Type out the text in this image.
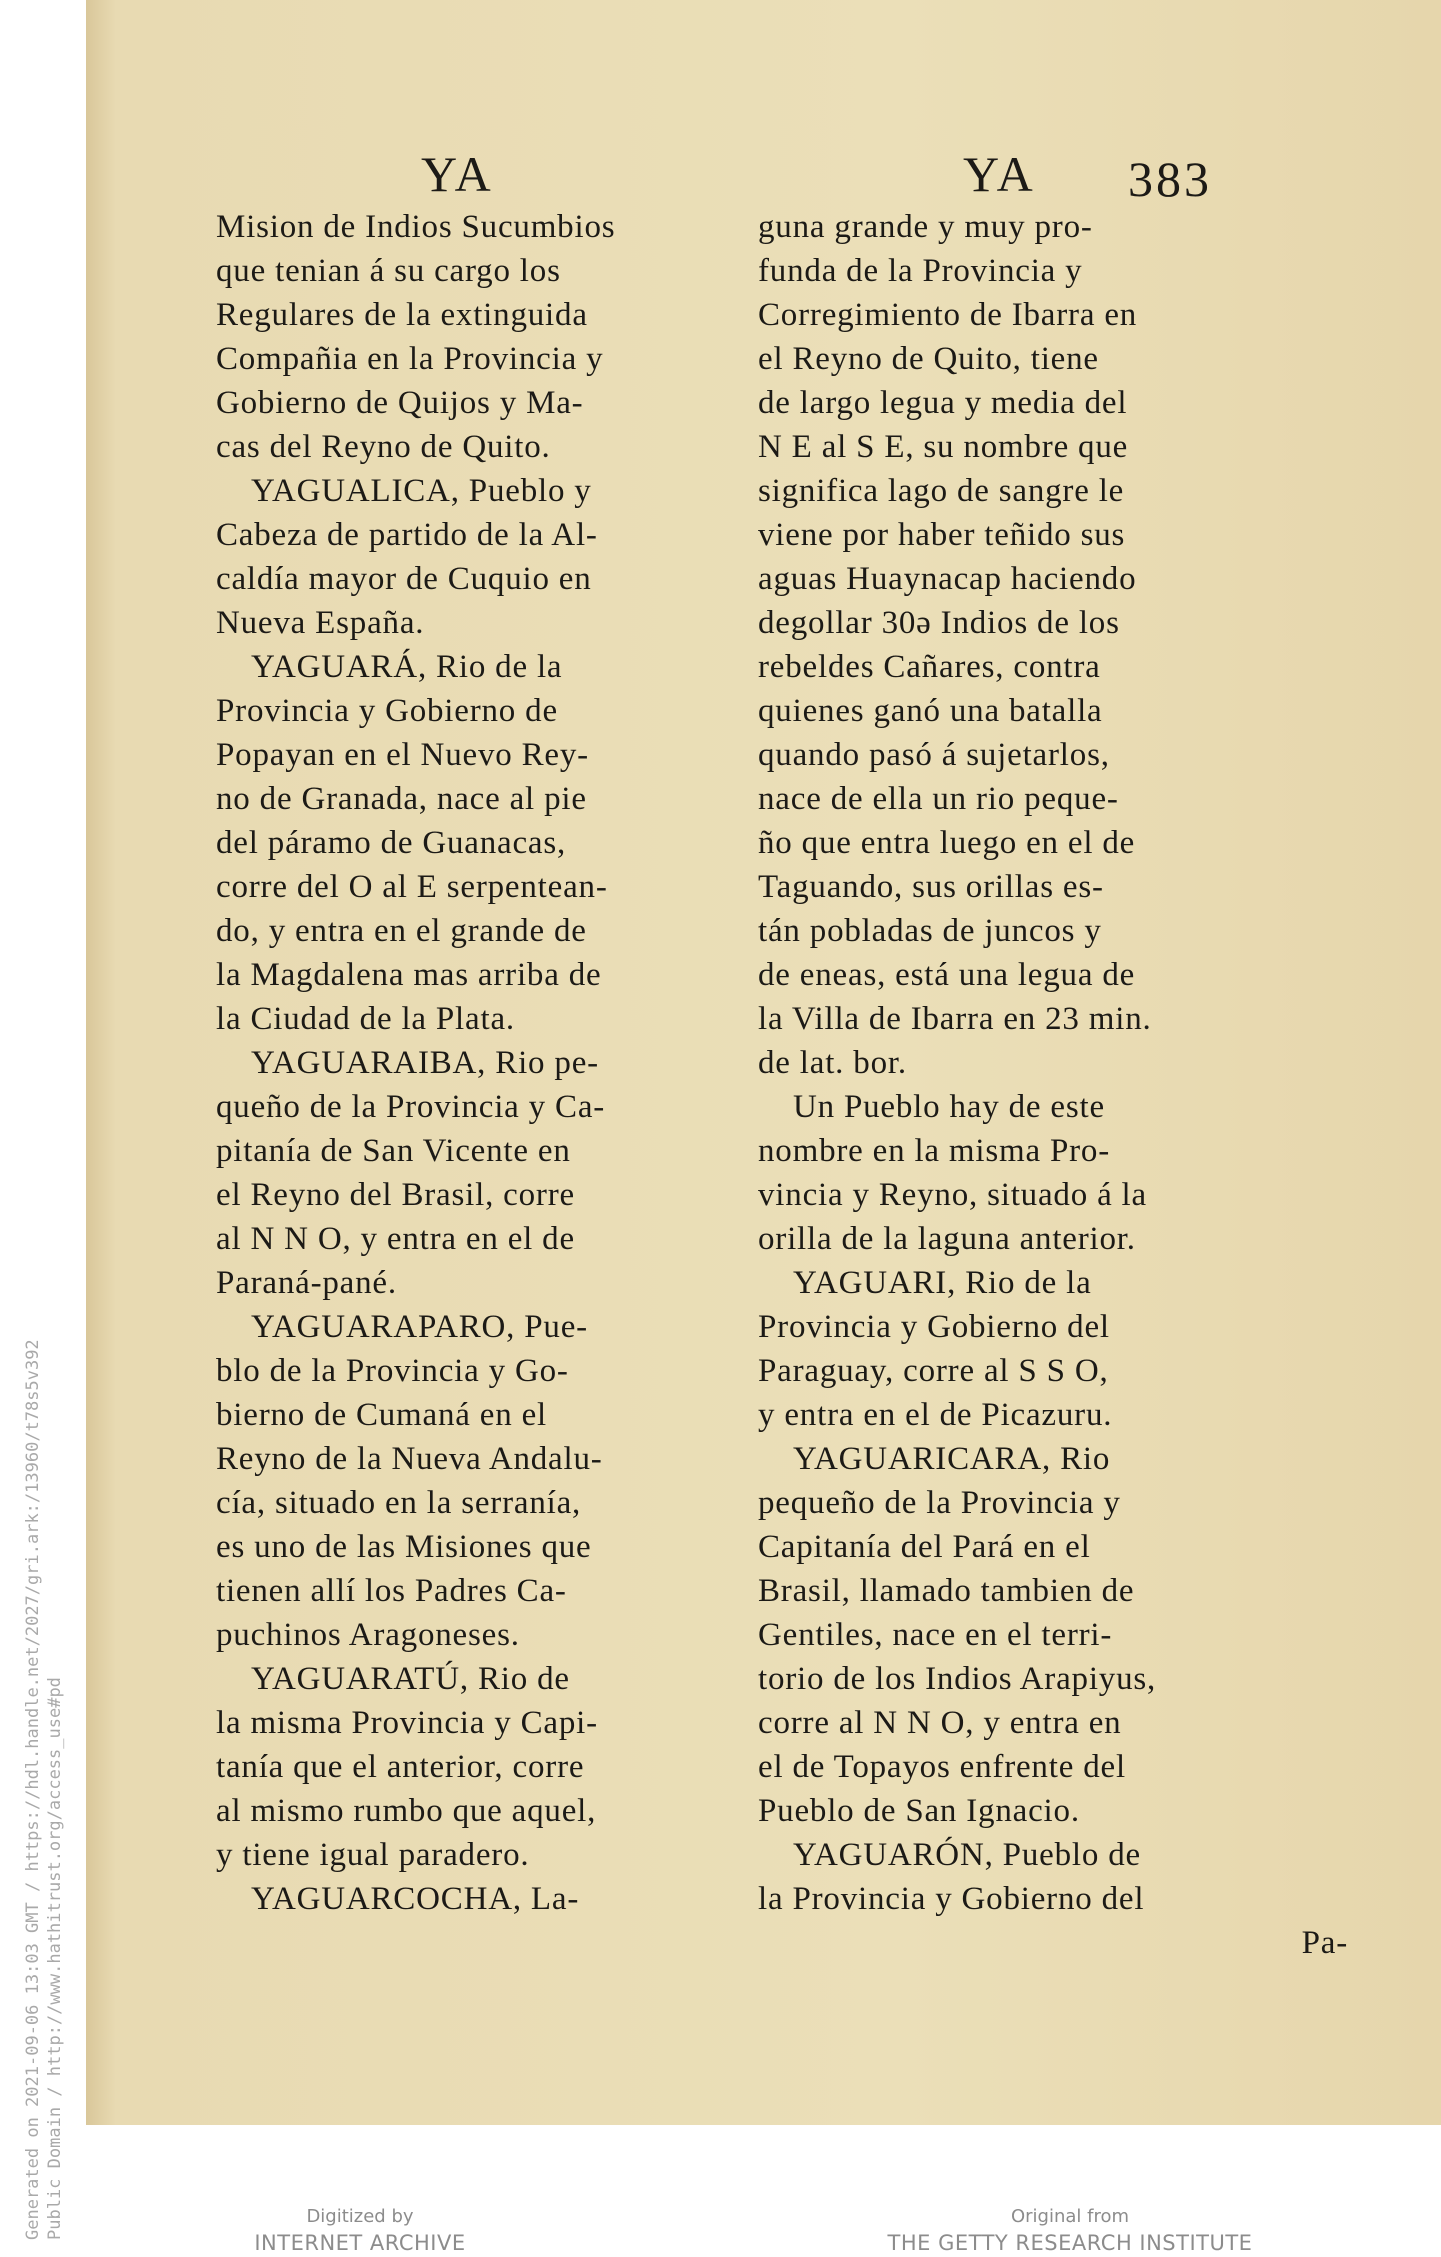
Generated on 2021-09-06 13:03 GMT / https://hdl.handle.net/2027/gri.ark:/13960/t78s5v392 Public Domain / http://www.hathitrust.org/access_use#pd
YA
Mision de Indios Sucumbios
que tenian á su cargo los
Regulares de la extinguida
Compañia en la Provincia y
Gobierno de Quijos y Ma-
cas del Reyno de Quito.
YAGUALICA, Pueblo y
Cabeza de partido de la Al-
caldía mayor de Cuquio en
Nueva España.
YAGUARÁ, Rio de la
Provincia y Gobierno de
Popayan en el Nuevo Rey-
no de Granada, nace al pie
del páramo de Guanacas,
corre del O al E serpentean-
do, y entra en el grande de
la Magdalena mas arriba de
la Ciudad de la Plata.
YAGUARAIBA, Rio pe-
queño de la Provincia y Ca-
pitanía de San Vicente en
el Reyno del Brasil, corre
al N N O, y entra en el de
Paraná-pané.
YAGUARAPARO, Pue-
blo de la Provincia y Go-
bierno de Cumaná en el
Reyno de la Nueva Andalu-
cía, situado en la serranía,
es uno de las Misiones que
tienen allí los Padres Ca-
puchinos Aragoneses.
YAGUARATÚ, Rio de
la misma Provincia y Capi-
tanía que el anterior, corre
al mismo rumbo que aquel,
y tiene igual paradero.
YAGUARCOCHA, La-
YA 383
guna grande y muy pro-
funda de la Provincia y
Corregimiento de Ibarra en
el Reyno de Quito, tiene
de largo legua y media del
N E al S E, su nombre que
significa lago de sangre le
viene por haber teñido sus
aguas Huaynacap haciendo
degollar 30ə Indios de los
rebeldes Cañares, contra
quienes ganó una batalla
quando pasó á sujetarlos,
nace de ella un rio peque-
ño que entra luego en el de
Taguando, sus orillas es-
tán pobladas de juncos y
de eneas, está una legua de
la Villa de Ibarra en 23 min.
de lat. bor.
Un Pueblo hay de este
nombre en la misma Pro-
vincia y Reyno, situado á la
orilla de la laguna anterior.
YAGUARI, Rio de la
Provincia y Gobierno del
Paraguay, corre al S S O,
y entra en el de Picazuru.
YAGUARICARA, Rio
pequeño de la Provincia y
Capitanía del Pará en el
Brasil, llamado tambien de
Gentiles, nace en el terri-
torio de los Indios Arapiyus,
corre al N N O, y entra en
el de Topayos enfrente del
Pueblo de San Ignacio.
YAGUARÓN, Pueblo de
la Provincia y Gobierno del
Pa-
Digitized by
INTERNET ARCHIVE
Original from
THE GETTY RESEARCH INSTITUTE
